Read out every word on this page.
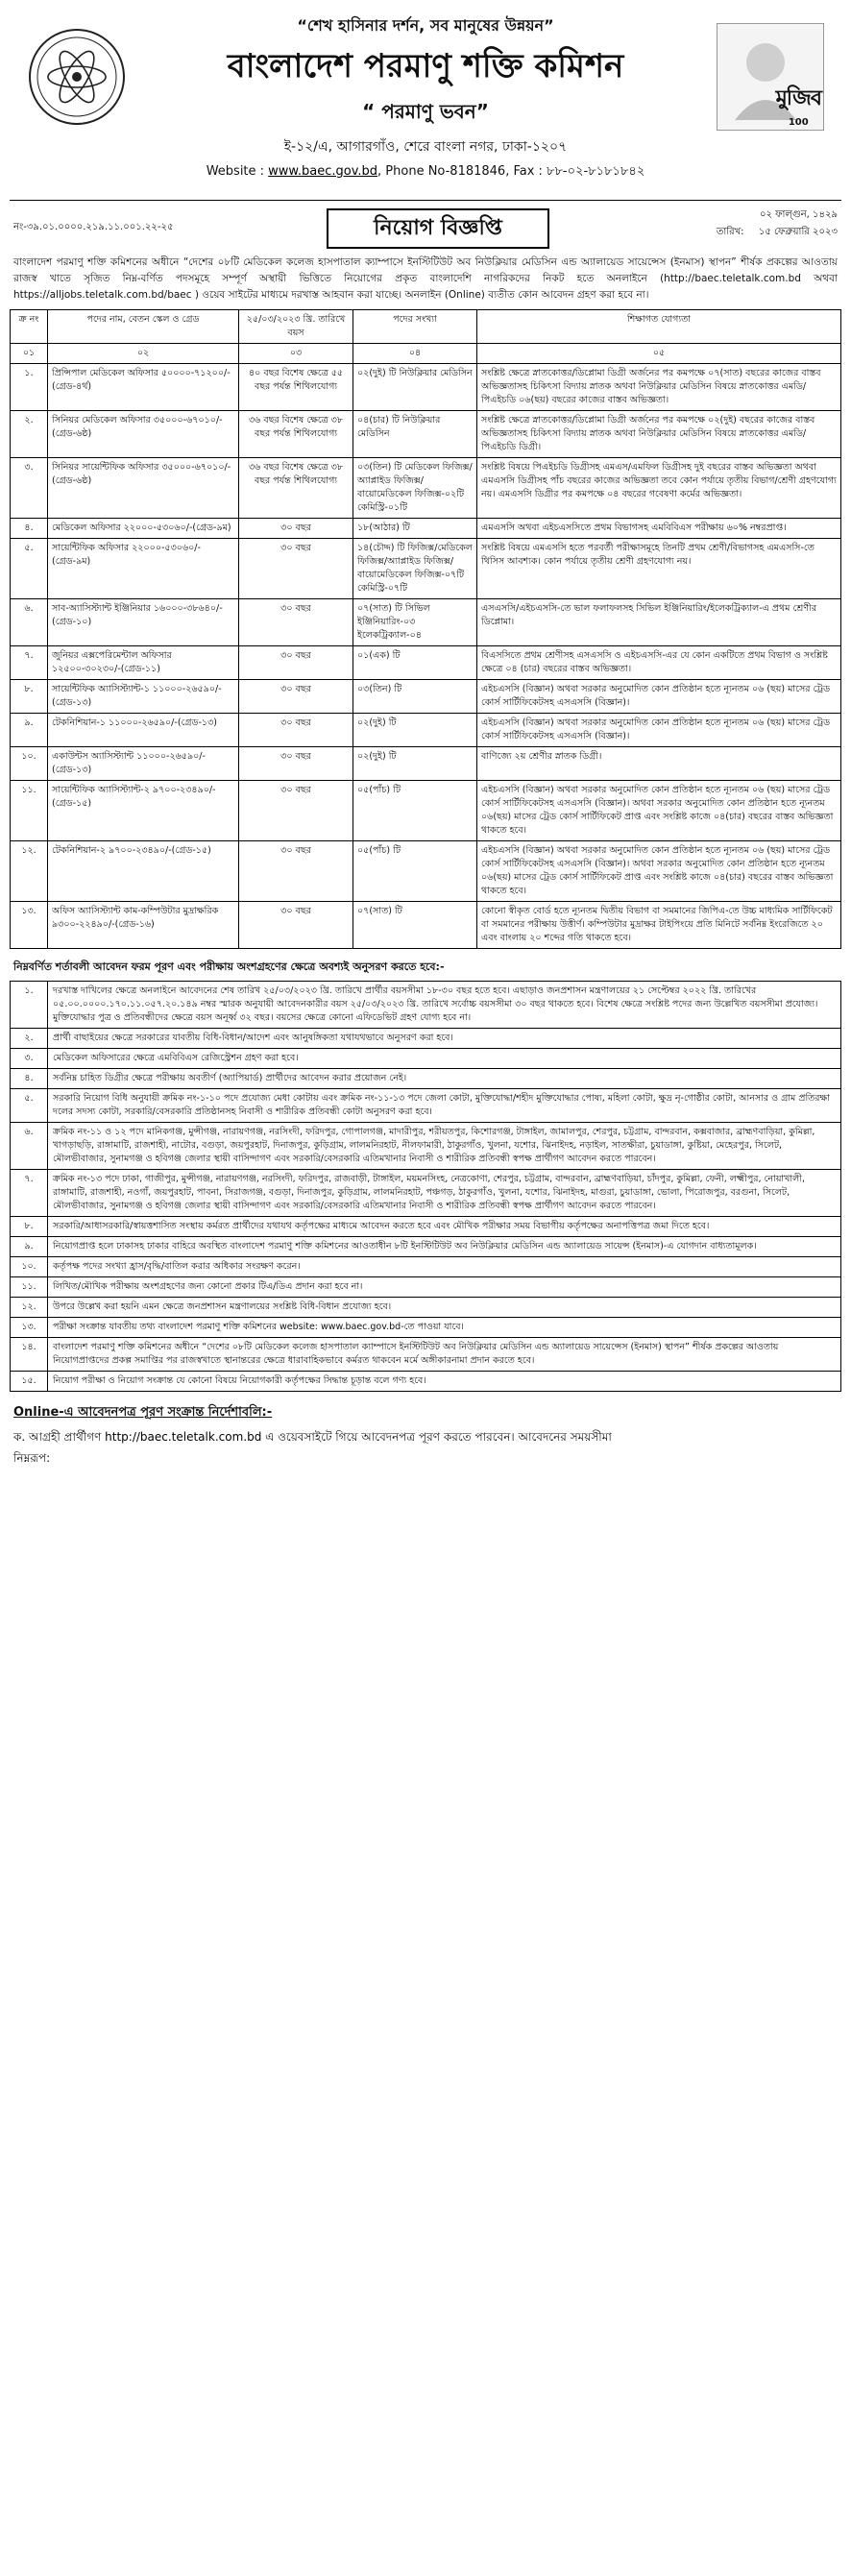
মুজিব
100
“শেখ হাসিনার দর্শন, সব মানুষের উন্নয়ন”
বাংলাদেশ পরমাণু শক্তি কমিশন
“ পরমাণু ভবন”
ই-১২/এ, আগারগাঁও, শেরে বাংলা নগর, ঢাকা-১২০৭
Website : www.baec.gov.bd, Phone No-8181846, Fax : ৮৮-০২-৮১৮১৮৪২
নং-৩৯.০১.০০০০.২১৯.১১.০০১.২২-২৫	নিয়োগ বিজ্ঞপ্তি	তারিখ:
০২ ফাল্গুন, ১৪২৯
১৫ ফেব্রুয়ারি ২০২৩
বাংলাদেশ পরমাণু শক্তি কমিশনের অধীনে “দেশের ০৮টি মেডিকেল কলেজ হাসপাতাল ক্যাম্পাসে ইনস্টিটিউট অব নিউক্লিয়ার মেডিসিন এন্ড অ্যালায়েড সায়েন্সেস (ইনমাস) স্থাপন” শীর্ষক প্রকল্পের আওতায় রাজস্ব খাতে সৃজিত নিম্ন-বর্ণিত পদসমূহে সম্পূর্ণ অস্থায়ী ভিত্তিতে নিয়োগের প্রকৃত বাংলাদেশি নাগরিকদের নিকট হতে অনলাইনে (http://baec.teletalk.com.bd অথবা https://alljobs.teletalk.com.bd/baec ) ওয়েব সাইটের মাধ্যমে দরখাস্ত আহবান করা যাচ্ছে। অনলাইন (Online) ব্যতীত কোন আবেদন গ্রহণ করা হবে না।
ক্র নং	পদের নাম, বেতন স্কেল ও গ্রেড	২৫/০৩/২০২৩ খ্রি. তারিখে বয়স	পদের সংখ্যা	শিক্ষাগত যোগ্যতা
০১	০২	০৩	০৪	০৫
১.	প্রিন্সিপাল মেডিকেল অফিসার ৫০০০০-৭১২০০/-(গ্রেড-৪র্থ)	৪০ বছর বিশেষ ক্ষেত্রে ৫৫ বছর পর্যন্ত শিথিলযোগ্য	০২(দুই) টি নিউক্লিয়ার মেডিসিন	সংশ্লিষ্ট ক্ষেত্রে স্নাতকোত্তর/ডিপ্লোমা ডিগ্রী অর্জনের পর কমপক্ষে ০৭(সাত) বছরের কাজের বাস্তব অভিজ্ঞতাসহ চিকিৎসা বিদ্যায় স্নাতক অথবা নিউক্লিয়ার মেডিসিন বিষয়ে স্নাতকোত্তর এমডি/পিএইচডি ০৬(ছয়) বছরের কাজের বাস্তব অভিজ্ঞতা।
২.	সিনিয়র মেডিকেল অফিসার ৩৫০০০-৬৭০১০/-(গ্রেড-৬ষ্ঠ)	৩৬ বছর বিশেষ ক্ষেত্রে ৩৮ বছর পর্যন্ত শিথিলযোগ্য	০৪(চার) টি নিউক্লিয়ার মেডিসিন	সংশ্লিষ্ট ক্ষেত্রে স্নাতকোত্তর/ডিপ্লোমা ডিগ্রী অর্জনের পর কমপক্ষে ০২(দুই) বছরের কাজের বাস্তব অভিজ্ঞতাসহ চিকিৎসা বিদ্যায় স্নাতক অথবা নিউক্লিয়ার মেডিসিন বিষয়ে স্নাতকোত্তর এমডি/পিএইচডি ডিগ্রী।
৩.	সিনিয়র সায়েন্টিফিক অফিসার ৩৫০০০-৬৭০১০/-(গ্রেড-৬ষ্ঠ)	৩৬ বছর বিশেষ ক্ষেত্রে ৩৮ বছর পর্যন্ত শিথিলযোগ্য	০৩(তিন) টি মেডিকেল ফিজিক্স/অ্যাপ্লাইড ফিজিক্স/বায়োমেডিকেল ফিজিক্স-০২টি কেমিস্ট্রি-০১টি	সংশ্লিষ্ট বিষয়ে পিএইচডি ডিগ্রীসহ এমএস/এমফিল ডিগ্রীসহ দুই বছরের বাস্তব অভিজ্ঞতা অথবা এমএসসি ডিগ্রীসহ পাঁচ বছরের কাজের অভিজ্ঞতা তবে কোন পর্যায়ে তৃতীয় বিভাগ/শ্রেণী গ্রহণযোগ্য নয়। এমএসসি ডিগ্রীর পর কমপক্ষে ০৪ বছরের গবেষণা কর্মের অভিজ্ঞতা।
৪.	মেডিকেল অফিসার ২২০০০-৫৩০৬০/-(গ্রেড-৯ম)	৩০ বছর	১৮(আঠার) টি	এমএসসি অথবা এইচএসসিতে প্রথম বিভাগসহ এমবিবিএস পরীক্ষায় ৬০% নম্বরপ্রাপ্ত।
৫.	সায়েন্টিফিক অফিসার ২২০০০-৫৩০৬০/-(গ্রেড-৯ম)	৩০ বছর	১৪(চৌদ্দ) টি ফিজিক্স/মেডিকেল ফিজিক্স/অ্যাপ্লাইড ফিজিক্স/বায়োমেডিকেল ফিজিক্স-০৭টি কেমিস্ট্রি-০৭টি	সংশ্লিষ্ট বিষয়ে এমএসসি হতে পরবর্তী পরীক্ষাসমূহে তিনটি প্রথম শ্রেণী/বিভাগসহ এমএসসি-তে থিসিস আবশ্যক। কোন পর্যায়ে তৃতীয় শ্রেণী গ্রহণযোগ্য নয়।
৬.	সাব-অ্যাসিস্ট্যান্ট ইঞ্জিনিয়ার ১৬০০০-৩৮৬৪০/-(গ্রেড-১০)	৩০ বছর	০৭(সাত) টি সিভিল ইঞ্জিনিয়ারিং-০৩ ইলেকট্রিক্যাল-০৪	এসএসসি/এইচএসসি-তে ভাল ফলাফলসহ সিভিল ইঞ্জিনিয়ারিং/ইলেকট্রিক্যাল-এ প্রথম শ্রেণীর ডিপ্লোমা।
৭.	জুনিয়র এক্সপেরিমেন্টাল অফিসার ১২৫০০-৩০২৩০/-(গ্রেড-১১)	৩০ বছর	০১(এক) টি	বিএসসিতে প্রথম শ্রেণীসহ এসএসসি ও এইচএসসি-এর যে কোন একটিতে প্রথম বিভাগ ও সংশ্লিষ্ট ক্ষেত্রে ০৪ (চার) বছরের বাস্তব অভিজ্ঞতা।
৮.	সায়েন্টিফিক অ্যাসিস্ট্যান্ট-১ ১১০০০-২৬৫৯০/-(গ্রেড-১৩)	৩০ বছর	০৩(তিন) টি	এইচএসসি (বিজ্ঞান) অথবা সরকার অনুমোদিত কোন প্রতিষ্ঠান হতে ন্যূনতম ০৬ (ছয়) মাসের ট্রেড কোর্স সার্টিফিকেটসহ এসএসসি (বিজ্ঞান)।
৯.	টেকনিশিয়ান-১ ১১০০০-২৬৫৯০/-(গ্রেড-১৩)	৩০ বছর	০২(দুই) টি	এইচএসসি (বিজ্ঞান) অথবা সরকার অনুমোদিত কোন প্রতিষ্ঠান হতে ন্যূনতম ০৬ (ছয়) মাসের ট্রেড কোর্স সার্টিফিকেটসহ এসএসসি (বিজ্ঞান)।
১০.	একাউন্টস অ্যাসিস্ট্যান্ট ১১০০০-২৬৫৯০/-(গ্রেড-১৩)	৩০ বছর	০২(দুই) টি	বাণিজ্যে ২য় শ্রেণীর স্নাতক ডিগ্রী।
১১.	সায়েন্টিফিক অ্যাসিস্ট্যান্ট-২ ৯৭০০-২৩৪৯০/-(গ্রেড-১৫)	৩০ বছর	০৫(পাঁচ) টি	এইচএসসি (বিজ্ঞান) অথবা সরকার অনুমোদিত কোন প্রতিষ্ঠান হতে ন্যূনতম ০৬ (ছয়) মাসের ট্রেড কোর্স সার্টিফিকেটসহ এসএসসি (বিজ্ঞান)। অথবা সরকার অনুমোদিত কোন প্রতিষ্ঠান হতে ন্যূনতম ০৬(ছয়) মাসের ট্রেড কোর্স সার্টিফিকেট প্রাপ্ত এবং সংশ্লিষ্ট কাজে ০৪(চার) বছরের বাস্তব অভিজ্ঞতা থাকতে হবে।
১২.	টেকনিশিয়ান-২ ৯৭০০-২৩৪৯০/-(গ্রেড-১৫)	৩০ বছর	০৫(পাঁচ) টি	এইচএসসি (বিজ্ঞান) অথবা সরকার অনুমোদিত কোন প্রতিষ্ঠান হতে ন্যূনতম ০৬ (ছয়) মাসের ট্রেড কোর্স সার্টিফিকেটসহ এসএসসি (বিজ্ঞান)। অথবা সরকার অনুমোদিত কোন প্রতিষ্ঠান হতে ন্যূনতম ০৬(ছয়) মাসের ট্রেড কোর্স সার্টিফিকেট প্রাপ্ত এবং সংশ্লিষ্ট কাজে ০৪(চার) বছরের বাস্তব অভিজ্ঞতা থাকতে হবে।
১৩.	অফিস অ্যাসিস্ট্যান্ট কাম-কম্পিউটার মুদ্রাক্ষরিক ৯৩০০-২২৪৯০/-(গ্রেড-১৬)	৩০ বছর	০৭(সাত) টি	কোনো স্বীকৃত বোর্ড হতে ন্যূনতম দ্বিতীয় বিভাগ বা সমমানের জিপিএ-তে উচ্চ মাধ্যমিক সার্টিফিকেট বা সমমানের পরীক্ষায় উত্তীর্ণ। কম্পিউটার মুদ্রাক্ষর টাইপিংয়ে প্রতি মিনিটে সর্বনিম্ন ইংরেজিতে ২০ এবং বাংলায় ২০ শব্দের গতি থাকতে হবে।
নিম্নবর্ণিত শর্তাবলী আবেদন ফরম পূরণ এবং পরীক্ষায় অংশগ্রহণের ক্ষেত্রে অবশ্যই অনুসরণ করতে হবে:-
১.	দরখাস্ত দাখিলের ক্ষেত্রে অনলাইনে আবেদনের শেষ তারিখ ২৫/০৩/২০২৩ খ্রি. তারিখে প্রার্থীর বয়সসীমা ১৮-৩০ বছর হতে হবে। এছাড়াও জনপ্রশাসন মন্ত্রণালয়ের ২১ সেপ্টেম্বর ২০২২ খ্রি. তারিখের ০৫.০০.০০০০.১৭০.১১.০৫৭.২০.১৪৯ নম্বর স্মারক অনুযায়ী আবেদনকারীর বয়স ২৫/০৩/২০২৩ খ্রি. তারিখে সর্বোচ্চ বয়সসীমা ৩০ বছর থাকতে হবে। বিশেষ ক্ষেত্রে সংশ্লিষ্ট পদের জন্য উল্লেখিত বয়সসীমা প্রযোজ্য। মুক্তিযোদ্ধার পুত্র ও প্রতিবন্ধীদের ক্ষেত্রে বয়স অনূর্ধ্ব ৩২ বছর। বয়সের ক্ষেত্রে কোনো এফিডেভিট গ্রহণ যোগ্য হবে না।
২.	প্রার্থী বাছাইয়ের ক্ষেত্রে সরকারের যাবতীয় বিধি-বিধান/আদেশ এবং আনুষঙ্গিকতা যথাযথভাবে অনুসরণ করা হবে।
৩.	মেডিকেল অফিসারের ক্ষেত্রে এমবিবিএস রেজিস্ট্রেশন গ্রহণ করা হবে।
৪.	সর্বনিম্ন চাহিত ডিগ্রীর ক্ষেত্রে পরীক্ষায় অবতীর্ণ (অ্যাপিয়ার্ড) প্রার্থীদের আবেদন করার প্রয়োজন নেই।
৫.	সরকারি নিয়োগ বিধি অনুযায়ী ক্রমিক নং-১-১০ পদে প্রযোজ্য মেধা কোটায় এবং ক্রমিক নং-১১-১৩ পদে জেলা কোটা, মুক্তিযোদ্ধা/শহীদ মুক্তিযোদ্ধার পোষ্য, মহিলা কোটা, ক্ষুদ্র নৃ-গোষ্ঠীর কোটা, আনসার ও গ্রাম প্রতিরক্ষা দলের সদস্য কোটা, সরকারি/বেসরকারি প্রতিষ্ঠানসহ নিবাসী ও শারীরিক প্রতিবন্ধী কোটা অনুসরণ করা হবে।
৬.	ক্রমিক নং-১১ ও ১২ পদে মানিকগঞ্জ, মুন্সীগঞ্জ, নারায়ণগঞ্জ, নরসিংদী, ফরিদপুর, গোপালগঞ্জ, মাদারীপুর, শরীয়তপুর, কিশোরগঞ্জ, টাঙ্গাইল, জামালপুর, শেরপুর, চট্টগ্রাম, বান্দরবান, কক্সবাজার, ব্রাহ্মণবাড়িয়া, কুমিল্লা, খাগড়াছড়ি, রাঙ্গামাটি, রাজশাহী, নাটোর, বগুড়া, জয়পুরহাট, দিনাজপুর, কুড়িগ্রাম, লালমনিরহাট, নীলফামারী, ঠাকুরগাঁও, খুলনা, যশোর, ঝিনাইদহ, নড়াইল, সাতক্ষীরা, চুয়াডাঙ্গা, কুষ্টিয়া, মেহেরপুর, সিলেট, মৌলভীবাজার, সুনামগঞ্জ ও হবিগঞ্জ জেলার স্থায়ী বাসিন্দাগণ এবং সরকারি/বেসরকারি এতিমখানার নিবাসী ও শারীরিক প্রতিবন্ধী স্বপক্ষ প্রার্থীগণ আবেদন করতে পারবেন।
৭.	ক্রমিক নং-১৩ পদে ঢাকা, গাজীপুর, মুন্সীগঞ্জ, নারায়ণগঞ্জ, নরসিংদী, ফরিদপুর, রাজবাড়ী, টাঙ্গাইল, ময়মনসিংহ, নেত্রকোণা, শেরপুর, চট্টগ্রাম, বান্দরবান, ব্রাহ্মণবাড়িয়া, চাঁদপুর, কুমিল্লা, ফেনী, লক্ষ্মীপুর, নোয়াখালী, রাঙ্গামাটি, রাজশাহী, নওগাঁ, জয়পুরহাট, পাবনা, সিরাজগঞ্জ, বগুড়া, দিনাজপুর, কুড়িগ্রাম, লালমনিরহাট, পঞ্চগড়, ঠাকুরগাঁও, খুলনা, যশোর, ঝিনাইদহ, মাগুরা, চুয়াডাঙ্গা, ভোলা, পিরোজপুর, বরগুনা, সিলেট, মৌলভীবাজার, সুনামগঞ্জ ও হবিগঞ্জ জেলার স্থায়ী বাসিন্দাগণ এবং সরকারি/বেসরকারি এতিমখানার নিবাসী ও শারীরিক প্রতিবন্ধী স্বপক্ষ প্রার্থীগণ আবেদন করতে পারবেন।
৮.	সরকারি/আধাসরকারি/স্বায়ত্তশাসিত সংস্থায় কর্মরত প্রার্থীদের যথাযথ কর্তৃপক্ষের মাধ্যমে আবেদন করতে হবে এবং মৌখিক পরীক্ষার সময় বিভাগীয় কর্তৃপক্ষের অনাপত্তিপত্র জমা দিতে হবে।
৯.	নিয়োগপ্রাপ্ত হলে ঢাকাসহ ঢাকার বাহিরে অবস্থিত বাংলাদেশ পরমাণু শক্তি কমিশনের আওতাধীন ৮টি ইনস্টিটিউট অব নিউক্লিয়ার মেডিসিন এন্ড অ্যালায়েড সায়েন্স (ইনমাস)-এ যোগদান বাধ্যতামূলক।
১০.	কর্তৃপক্ষ পদের সংখ্যা হ্রাস/বৃদ্ধি/বাতিল করার অধিকার সংরক্ষণ করেন।
১১.	লিখিত/মৌখিক পরীক্ষায় অংশগ্রহণের জন্য কোনো প্রকার টিএ/ডিএ প্রদান করা হবে না।
১২.	উপরে উল্লেখ করা হয়নি এমন ক্ষেত্রে জনপ্রশাসন মন্ত্রণালয়ের সংশ্লিষ্ট বিধি-বিধান প্রযোজ্য হবে।
১৩.	পরীক্ষা সংক্রান্ত যাবতীয় তথ্য বাংলাদেশ পরমাণু শক্তি কমিশনের website: www.baec.gov.bd-তে পাওয়া যাবে।
১৪.	বাংলাদেশ পরমাণু শক্তি কমিশনের অধীনে “দেশের ০৮টি মেডিকেল কলেজ হাসপাতাল ক্যাম্পাসে ইনস্টিটিউট অব নিউক্লিয়ার মেডিসিন এন্ড অ্যালায়েড সায়েন্সেস (ইনমাস) স্থাপন” শীর্ষক প্রকল্পের আওতায় নিয়োগপ্রাপ্তদের প্রকল্প সমাপ্তির পর রাজস্বখাতে স্থানান্তরের ক্ষেত্রে ধারাবাহিকভাবে কর্মরত থাকবেন মর্মে অঙ্গীকারনামা প্রদান করতে হবে।
১৫.	নিয়োগ পরীক্ষা ও নিয়োগ সংক্রান্ত যে কোনো বিষয়ে নিয়োগকারী কর্তৃপক্ষের সিদ্ধান্ত চূড়ান্ত বলে গণ্য হবে।
Online-এ আবেদনপত্র পূরণ সংক্রান্ত নির্দেশাবলি:-
ক. আগ্রহী প্রার্থীগণ http://baec.teletalk.com.bd এ ওয়েবসাইটে গিয়ে আবেদনপত্র পূরণ করতে পারবেন। আবেদনের সময়সীমা
নিম্নরূপ:
